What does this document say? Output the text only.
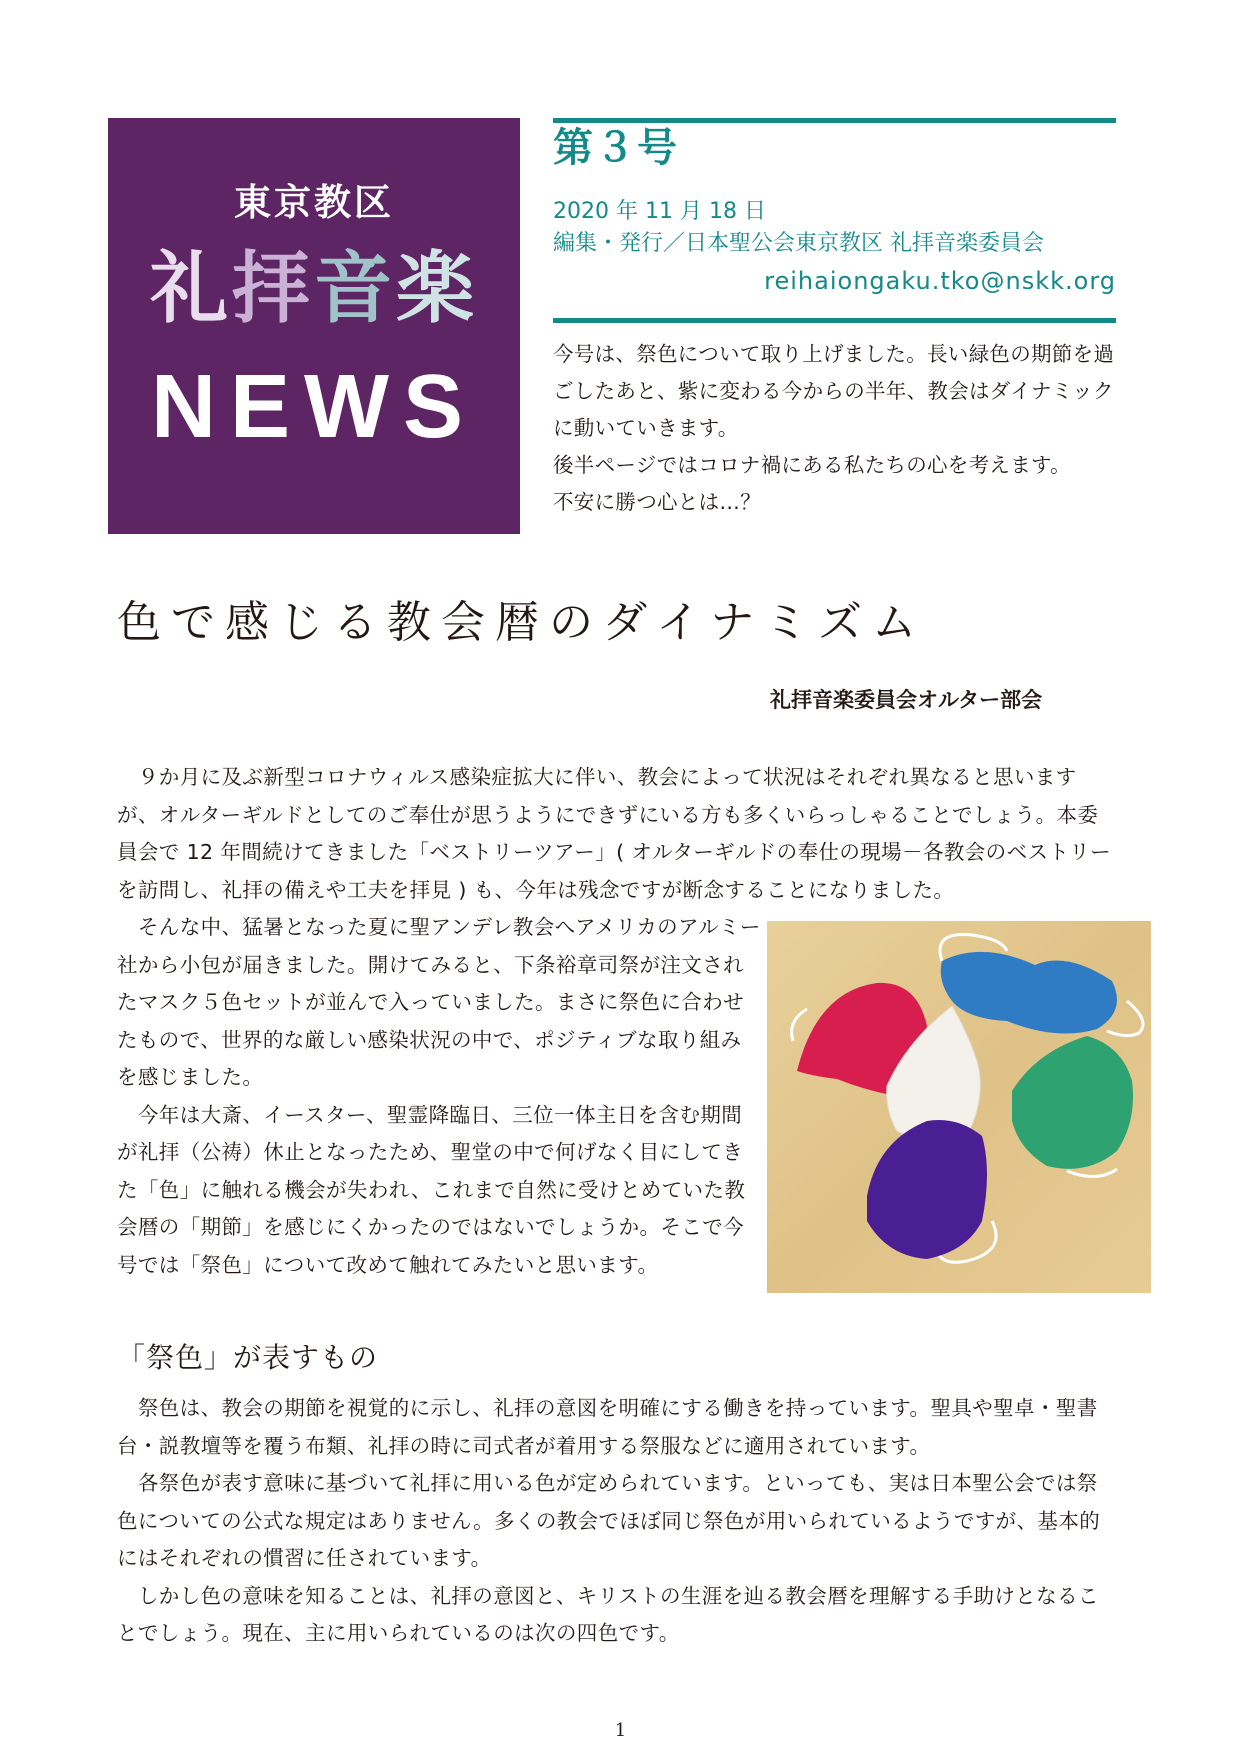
東京教区
礼拝音楽
NEWS
第３号
2020 年 11 月 18 日
編集・発行／日本聖公会東京教区 礼拝音楽委員会
reihaiongaku.tko@nskk.org

今号は、祭色について取り上げました。長い緑色の期節を過ごしたあと、紫に変わる今からの半年、教会はダイナミックに動いていきます。

後半ページではコロナ禍にある私たちの心を考えます。

不安に勝つ心とは…？

色で感じる教会暦のダイナミズム
礼拝音楽委員会オルター部会

　９か月に及ぶ新型コロナウィルス感染症拡大に伴い、教会によって状況はそれぞれ異なると思いますが、オルターギルドとしてのご奉仕が思うようにできずにいる方も多くいらっしゃることでしょう。本委員会で 12 年間続けてきました「ベストリーツアー」( オルターギルドの奉仕の現場－各教会のベストリーを訪問し、礼拝の備えや工夫を拝見 ) も、今年は残念ですが断念することになりました。

　そんな中、猛暑となった夏に聖アンデレ教会へアメリカのアルミー社から小包が届きました。開けてみると、下条裕章司祭が注文されたマスク５色セットが並んで入っていました。まさに祭色に合わせたもので、世界的な厳しい感染状況の中で、ポジティブな取り組みを感じました。

　今年は大斎、イースター、聖霊降臨日、三位一体主日を含む期間が礼拝（公祷）休止となったため、聖堂の中で何げなく目にしてきた「色」に触れる機会が失われ、これまで自然に受けとめていた教会暦の「期節」を感じにくかったのではないでしょうか。そこで今号では「祭色」について改めて触れてみたいと思います。

「祭色」が表すもの

　祭色は、教会の期節を視覚的に示し、礼拝の意図を明確にする働きを持っています。聖具や聖卓・聖書台・説教壇等を覆う布類、礼拝の時に司式者が着用する祭服などに適用されています。

　各祭色が表す意味に基づいて礼拝に用いる色が定められています。といっても、実は日本聖公会では祭色についての公式な規定はありません。多くの教会でほぼ同じ祭色が用いられているようですが、基本的にはそれぞれの慣習に任されています。

　しかし色の意味を知ることは、礼拝の意図と、キリストの生涯を辿る教会暦を理解する手助けとなることでしょう。現在、主に用いられているのは次の四色です。

1
